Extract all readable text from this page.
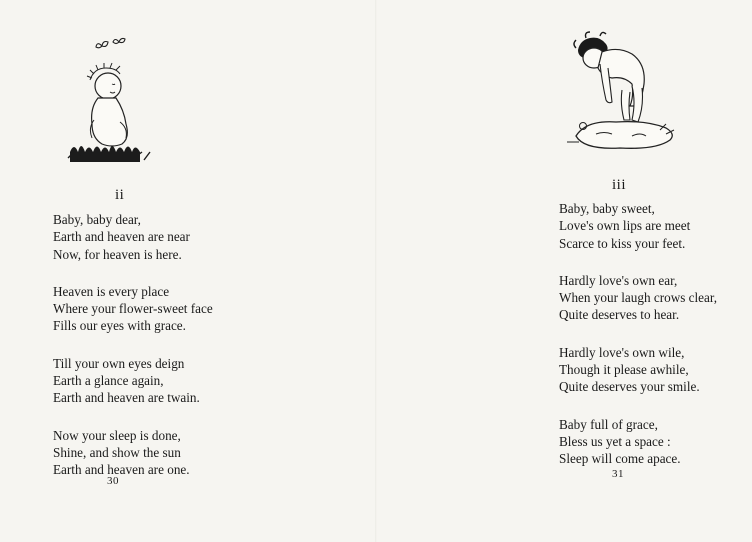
ii
Baby, baby dear,
Earth and heaven are near
Now, for heaven is here.
Heaven is every place
Where your flower-sweet face
Fills our eyes with grace.
Till your own eyes deign
Earth a glance again,
Earth and heaven are twain.
Now your sleep is done,
Shine, and show the sun
Earth and heaven are one.
30
iii
Baby, baby sweet,
Love's own lips are meet
Scarce to kiss your feet.
Hardly love's own ear,
When your laugh crows clear,
Quite deserves to hear.
Hardly love's own wile,
Though it please awhile,
Quite deserves your smile.
Baby full of grace,
Bless us yet a space :
Sleep will come apace.
31
